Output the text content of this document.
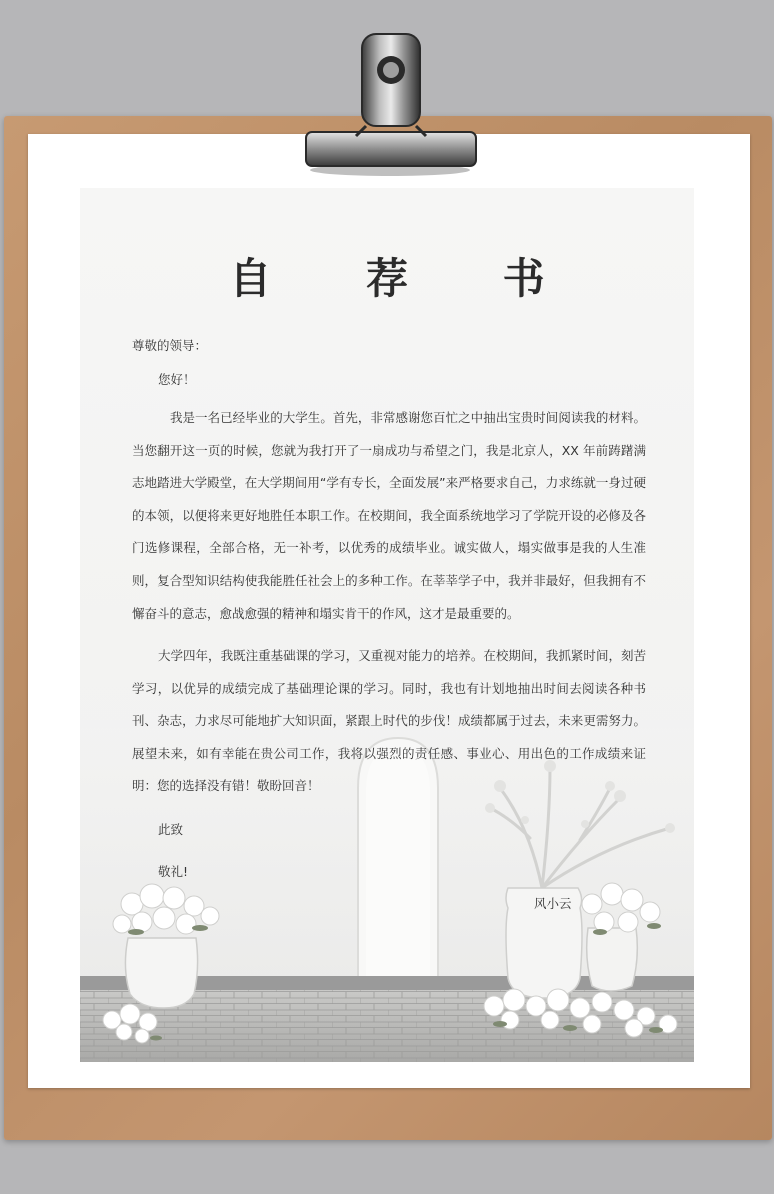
自 荐 书
尊敬的领导：
您好！

我是一名已经毕业的大学生。首先，非常感谢您百忙之中抽出宝贵时间阅读我的材料。当您翻开这一页的时候，您就为我打开了一扇成功与希望之门，我是北京人，XX 年前踌躇满志地踏进大学殿堂，在大学期间用“学有专长，全面发展”来严格要求自己，力求练就一身过硬的本领，以便将来更好地胜任本职工作。在校期间，我全面系统地学习了学院开设的必修及各门选修课程，全部合格，无一补考，以优秀的成绩毕业。诚实做人，塌实做事是我的人生准则，复合型知识结构使我能胜任社会上的多种工作。在莘莘学子中，我并非最好，但我拥有不懈奋斗的意志，愈战愈强的精神和塌实肯干的作风，这才是最重要的。

大学四年，我既注重基础课的学习，又重视对能力的培养。在校期间，我抓紧时间，刻苦学习，以优异的成绩完成了基础理论课的学习。同时，我也有计划地抽出时间去阅读各种书刊、杂志，力求尽可能地扩大知识面，紧跟上时代的步伐！成绩都属于过去，未来更需努力。展望未来，如有幸能在贵公司工作，我将以强烈的责任感、事业心、用出色的工作成绩来证明：您的选择没有错！敬盼回音！

此致
敬礼!
风小云
